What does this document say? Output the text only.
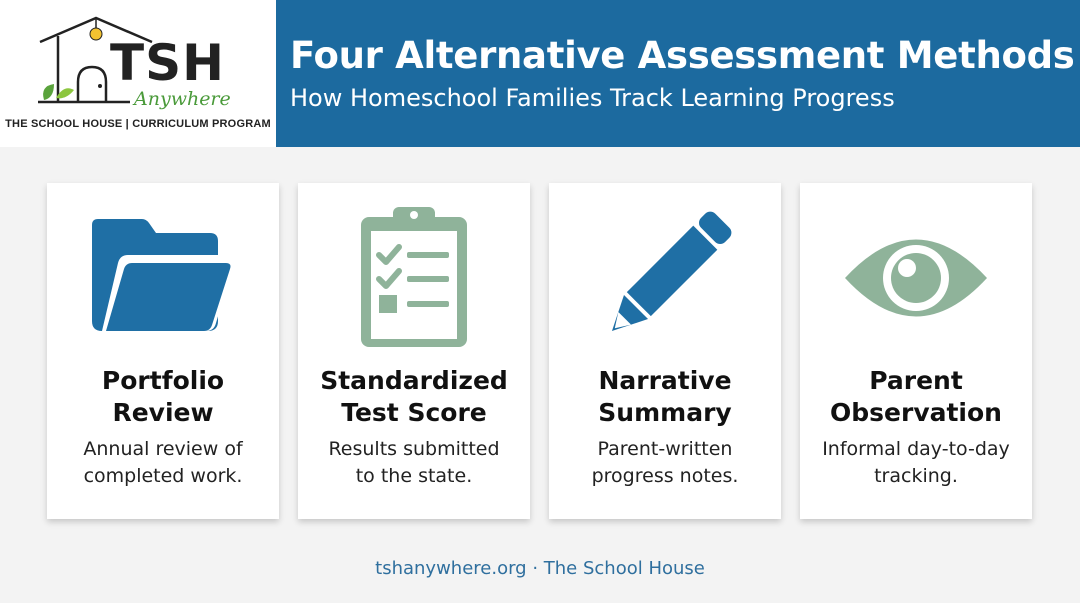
TSH
Anywhere
THE SCHOOL HOUSE | CURRICULUM PROGRAM
Four Alternative Assessment Methods
How Homeschool Families Track Learning Progress
Portfolio
Review
Annual review of
completed work.
Standardized
Test Score
Results submitted
to the state.
Narrative
Summary
Parent-written
progress notes.
Parent
Observation
Informal day-to-day
tracking.
tshanywhere.org · The School House
